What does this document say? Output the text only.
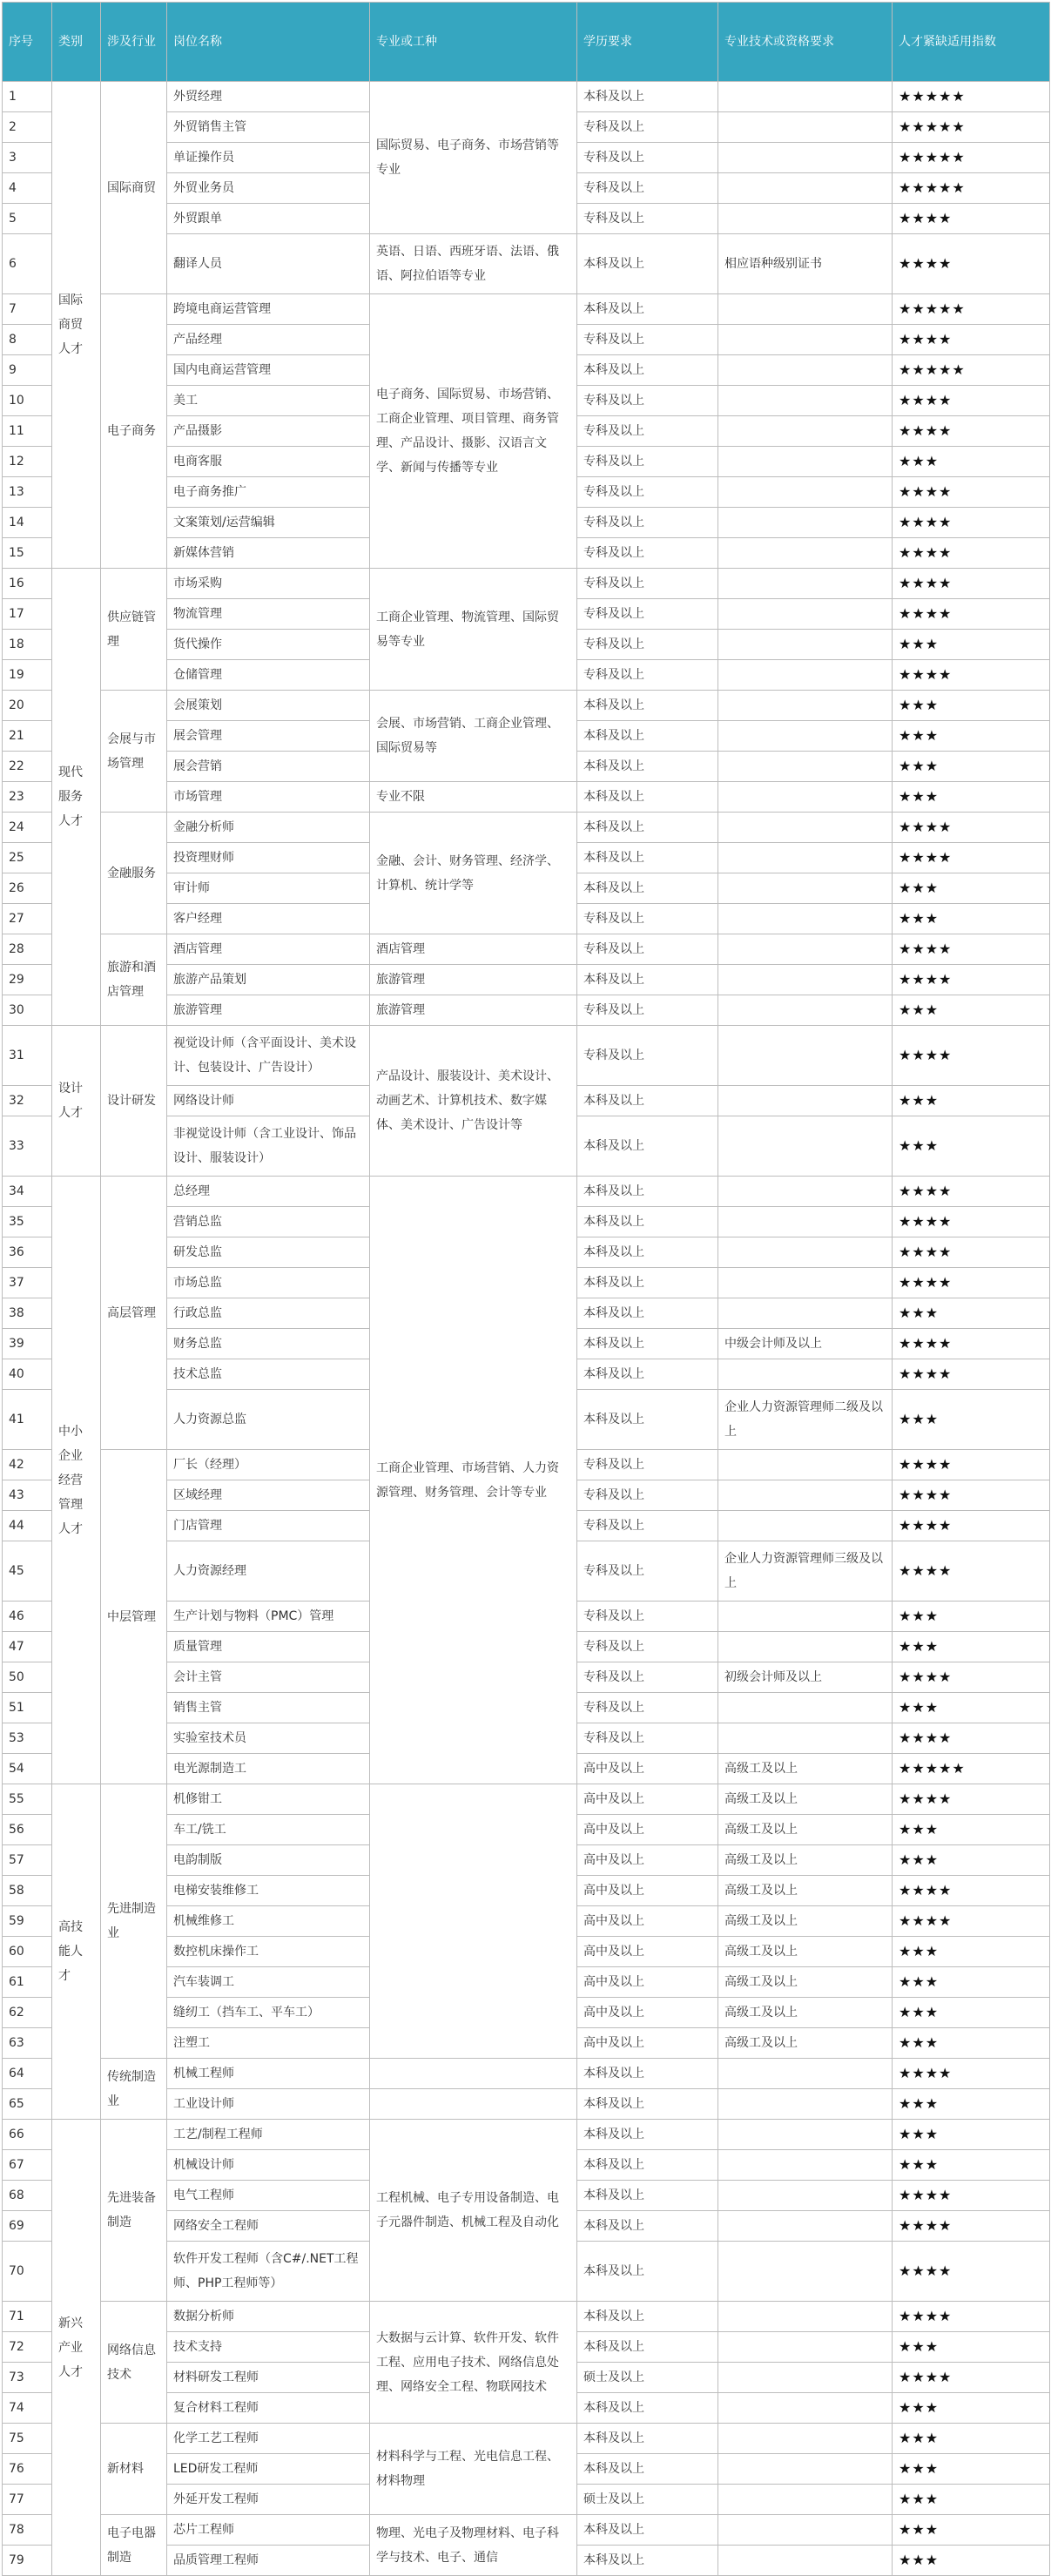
序号	类别	涉及行业	岗位名称	专业或工种	学历要求	专业技术或资格要求	人才紧缺适用指数
1	国际商贸人才	国际商贸	外贸经理	国际贸易、电子商务、市场营销等专业	本科及以上		★★★★★
2			外贸销售主管		专科及以上		★★★★★
3			单证操作员		专科及以上		★★★★★
4			外贸业务员		专科及以上		★★★★★
5			外贸跟单		专科及以上		★★★★
6			翻译人员	英语、日语、西班牙语、法语、俄语、阿拉伯语等专业	本科及以上	相应语种级别证书	★★★★
7		电子商务	跨境电商运营管理	电子商务、国际贸易、市场营销、工商企业管理、项目管理、商务管理、产品设计、摄影、汉语言文学、新闻与传播等专业	本科及以上		★★★★★
8			产品经理		专科及以上		★★★★
9			国内电商运营管理		本科及以上		★★★★★
10			美工		专科及以上		★★★★
11			产品摄影		专科及以上		★★★★
12			电商客服		专科及以上		★★★
13			电子商务推广		专科及以上		★★★★
14			文案策划/运营编辑		专科及以上		★★★★
15			新媒体营销		专科及以上		★★★★
16	现代服务人才	供应链管理	市场采购	工商企业管理、物流管理、国际贸易等专业	专科及以上		★★★★
17			物流管理		专科及以上		★★★★
18			货代操作		专科及以上		★★★
19			仓储管理		专科及以上		★★★★
20		会展与市场管理	会展策划	会展、市场营销、工商企业管理、国际贸易等	本科及以上		★★★
21			展会管理		本科及以上		★★★
22			展会营销		本科及以上		★★★
23			市场管理	专业不限	本科及以上		★★★
24		金融服务	金融分析师	金融、会计、财务管理、经济学、计算机、统计学等	本科及以上		★★★★
25			投资理财师		本科及以上		★★★★
26			审计师		本科及以上		★★★
27			客户经理		专科及以上		★★★
28		旅游和酒店管理	酒店管理	酒店管理	专科及以上		★★★★
29			旅游产品策划	旅游管理	本科及以上		★★★★
30			旅游管理	旅游管理	专科及以上		★★★
31	设计人才	设计研发	视觉设计师（含平面设计、美术设计、包装设计、广告设计）	产品设计、服装设计、美术设计、动画艺术、计算机技术、数字媒体、美术设计、广告设计等	专科及以上		★★★★
32			网络设计师		本科及以上		★★★
33			非视觉设计师（含工业设计、饰品设计、服装设计）		本科及以上		★★★
34	中小企业经营管理人才	高层管理	总经理	工商企业管理、市场营销、人力资源管理、财务管理、会计等专业	本科及以上		★★★★
35			营销总监		本科及以上		★★★★
36			研发总监		本科及以上		★★★★
37			市场总监		本科及以上		★★★★
38			行政总监		本科及以上		★★★
39			财务总监		本科及以上	中级会计师及以上	★★★★
40			技术总监		本科及以上		★★★★
41			人力资源总监		本科及以上	企业人力资源管理师二级及以上	★★★
42		中层管理	厂长（经理）		专科及以上		★★★★
43			区域经理		专科及以上		★★★★
44			门店管理		专科及以上		★★★★
45			人力资源经理		专科及以上	企业人力资源管理师三级及以上	★★★★
46			生产计划与物料（PMC）管理		专科及以上		★★★
47			质量管理		专科及以上		★★★
50			会计主管		专科及以上	初级会计师及以上	★★★★
51			销售主管		专科及以上		★★★
53			实验室技术员		专科及以上		★★★★
54			电光源制造工		高中及以上	高级工及以上	★★★★★
55	高技能人才	先进制造业	机修钳工		高中及以上	高级工及以上	★★★★
56			车工/铣工		高中及以上	高级工及以上	★★★
57			电韵制版		高中及以上	高级工及以上	★★★
58			电梯安装维修工		高中及以上	高级工及以上	★★★★
59			机械维修工		高中及以上	高级工及以上	★★★★
60			数控机床操作工		高中及以上	高级工及以上	★★★
61			汽车装调工		高中及以上	高级工及以上	★★★
62			缝纫工（挡车工、平车工）		高中及以上	高级工及以上	★★★
63			注塑工		高中及以上	高级工及以上	★★★
64		传统制造业	机械工程师		本科及以上		★★★★
65			工业设计师		本科及以上		★★★
66	新兴产业人才	先进装备制造	工艺/制程工程师	工程机械、电子专用设备制造、电子元器件制造、机械工程及自动化	本科及以上		★★★
67			机械设计师		本科及以上		★★★
68			电气工程师		本科及以上		★★★★
69			网络安全工程师		本科及以上		★★★★
70			软件开发工程师（含C#/.NET工程师、PHP工程师等）		本科及以上		★★★★
71		网络信息技术	数据分析师	大数据与云计算、软件开发、软件工程、应用电子技术、网络信息处理、网络安全工程、物联网技术	本科及以上		★★★★
72			技术支持		本科及以上		★★★
73			材料研发工程师		硕士及以上		★★★★
74			复合材料工程师		本科及以上		★★★
75		新材料	化学工艺工程师	材料科学与工程、光电信息工程、材料物理	本科及以上		★★★
76			LED研发工程师		本科及以上		★★★
77			外延开发工程师		硕士及以上		★★★
78		电子电器制造	芯片工程师	物理、光电子及物理材料、电子科学与技术、电子、通信	本科及以上		★★★
79			品质管理工程师		本科及以上		★★★
